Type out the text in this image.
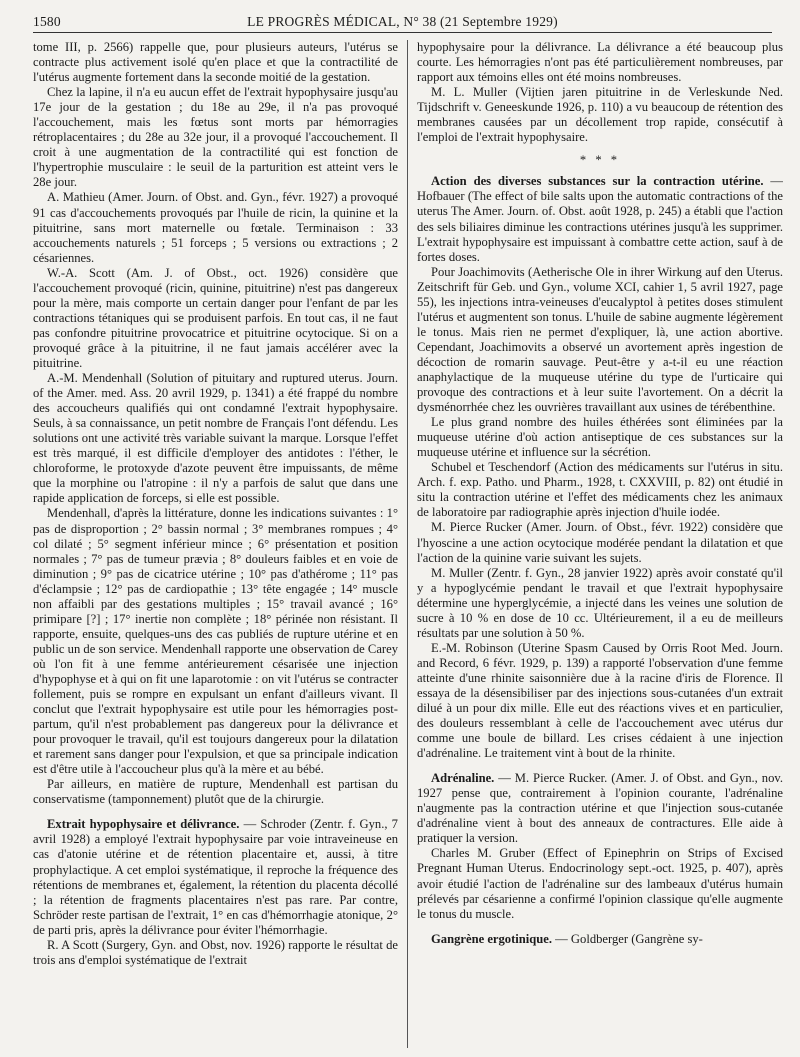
1580	LE PROGRÈS MÉDICAL, N° 38 (21 Septembre 1929)

tome III, p. 2566) rappelle que, pour plusieurs auteurs, l'utérus se contracte plus activement isolé qu'en place et que la contractilité de l'utérus augmente fortement dans la seconde moitié de la gestation.

Chez la lapine, il n'a eu aucun effet de l'extrait hypophysaire jusqu'au 17e jour de la gestation ; du 18e au 29e, il n'a pas provoqué l'accouchement, mais les fœtus sont morts par hémorragies rétroplacentaires ; du 28e au 32e jour, il a provoqué l'accouchement. Il croit à une augmentation de la contractilité qui est fonction de l'hypertrophie musculaire : le seuil de la parturition est atteint vers le 28e jour.

A. Mathieu (Amer. Journ. of Obst. and. Gyn., févr. 1927) a provoqué 91 cas d'accouchements provoqués par l'huile de ricin, la quinine et la pituitrine, sans mort maternelle ou fœtale. Terminaison : 33 accouchements naturels ; 51 forceps ; 5 versions ou extractions ; 2 césariennes.

W.-A. Scott (Am. J. of Obst., oct. 1926) considère que l'accouchement provoqué (ricin, quinine, pituitrine) n'est pas dangereux pour la mère, mais comporte un certain danger pour l'enfant de par les contractions tétaniques qui se produisent parfois. En tout cas, il ne faut pas confondre pituitrine provocatrice et pituitrine ocytocique. Si on a provoqué grâce à la pituitrine, il ne faut jamais accélérer avec la pituitrine.

A.-M. Mendenhall (Solution of pituitary and ruptured uterus. Journ. of the Amer. med. Ass. 20 avril 1929, p. 1341) a été frappé du nombre des accoucheurs qualifiés qui ont condamné l'extrait hypophysaire. Seuls, à sa connaissance, un petit nombre de Français l'ont défendu. Les solutions ont une activité très variable suivant la marque. Lorsque l'effet est très marqué, il est difficile d'employer des antidotes : l'éther, le chloroforme, le protoxyde d'azote peuvent être impuissants, de même que la morphine ou l'atropine : il n'y a parfois de salut que dans une rapide application de forceps, si elle est possible.

Mendenhall, d'après la littérature, donne les indications suivantes : 1° pas de disproportion ; 2° bassin normal ; 3° membranes rompues ; 4° col dilaté ; 5° segment inférieur mince ; 6° présentation et position normales ; 7° pas de tumeur prævia ; 8° douleurs faibles et en voie de diminution ; 9° pas de cicatrice utérine ; 10° pas d'athérome ; 11° pas d'éclampsie ; 12° pas de cardiopathie ; 13° tête engagée ; 14° muscle non affaibli par des gestations multiples ; 15° travail avancé ; 16° primipare [?] ; 17° inertie non complète ; 18° périnée non résistant. Il rapporte, ensuite, quelques-uns des cas publiés de rupture utérine et en public un de son service. Mendenhall rapporte une observation de Carey où l'on fit à une femme antérieurement césarisée une injection d'hypophyse et à qui on fit une laparotomie : on vit l'utérus se contracter follement, puis se rompre en expulsant un enfant d'ailleurs vivant. Il conclut que l'extrait hypophysaire est utile pour les hémorragies post-partum, qu'il n'est probablement pas dangereux pour la délivrance et pour provoquer le travail, qu'il est toujours dangereux pour la dilatation et rarement sans danger pour l'expulsion, et que sa principale indication est d'être utile à l'accoucheur plus qu'à la mère et au bébé.

Par ailleurs, en matière de rupture, Mendenhall est partisan du conservatisme (tamponnement) plutôt que de la chirurgie.

Extrait hypophysaire et délivrance. — Schroder (Zentr. f. Gyn., 7 avril 1928) a employé l'extrait hypophysaire par voie intraveineuse en cas d'atonie utérine et de rétention placentaire et, aussi, à titre prophylactique. A cet emploi systématique, il reproche la fréquence des rétentions de membranes et, également, la rétention du placenta décollé ; la rétention de fragments placentaires n'est pas rare. Par contre, Schröder reste partisan de l'extrait, 1° en cas d'hémorrhagie atonique, 2° de parti pris, après la délivrance pour éviter l'hémorrhagie.

R. A Scott (Surgery, Gyn. and Obst, nov. 1926) rapporte le résultat de trois ans d'emploi systématique de l'extrait

hypophysaire pour la délivrance. La délivrance a été beaucoup plus courte. Les hémorragies n'ont pas été particulièrement nombreuses, par rapport aux témoins elles ont été moins nombreuses.

M. L. Muller (Vijtien jaren pituitrine in de Verleskunde Ned. Tijdschrift v. Geneeskunde 1926, p. 110) a vu beaucoup de rétention des membranes causées par un décollement trop rapide, consécutif à l'emploi de l'extrait hypophysaire.

* * *

Action des diverses substances sur la contraction utérine. — Hofbauer (The effect of bile salts upon the automatic contractions of the uterus The Amer. Journ. of. Obst. août 1928, p. 245) a établi que l'action des sels biliaires diminue les contractions utérines jusqu'à les supprimer. L'extrait hypophysaire est impuissant à combattre cette action, sauf à de fortes doses.

Pour Joachimovits (Aetherische Ole in ihrer Wirkung auf den Uterus. Zeitschrift für Geb. und Gyn., volume XCI, cahier 1, 5 avril 1927, page 55), les injections intra-veineuses d'eucalyptol à petites doses stimulent l'utérus et augmentent son tonus. L'huile de sabine augmente légèrement le tonus. Mais rien ne permet d'expliquer, là, une action abortive. Cependant, Joachimovits a observé un avortement après ingestion de décoction de romarin sauvage. Peut-être y a-t-il eu une réaction anaphylactique de la muqueuse utérine du type de l'urticaire qui provoque des contractions et à leur suite l'avortement. On a décrit la dysménorrhée chez les ouvrières travaillant aux usines de térébenthine.

Le plus grand nombre des huiles éthérées sont éliminées par la muqueuse utérine d'où action antiseptique de ces substances sur la muqueuse utérine et influence sur la sécrétion.

Schubel et Teschendorf (Action des médicaments sur l'utérus in situ. Arch. f. exp. Patho. und Pharm., 1928, t. CXXVIII, p. 82) ont étudié in situ la contraction utérine et l'effet des médicaments chez les animaux de laboratoire par radiographie après injection d'huile iodée.

M. Pierce Rucker (Amer. Journ. of Obst., févr. 1922) considère que l'hyoscine a une action ocytocique modérée pendant la dilatation et que l'action de la quinine varie suivant les sujets.

M. Muller (Zentr. f. Gyn., 28 janvier 1922) après avoir constaté qu'il y a hypoglycémie pendant le travail et que l'extrait hypophysaire détermine une hyperglycémie, a injecté dans les veines une solution de sucre à 10 % en dose de 10 cc. Ultérieurement, il a eu de meilleurs résultats par une solution à 50 %.

E.-M. Robinson (Uterine Spasm Caused by Orris Root Med. Journ. and Record, 6 févr. 1929, p. 139) a rapporté l'observation d'une femme atteinte d'une rhinite saisonnière due à la racine d'iris de Florence. Il essaya de la désensibiliser par des injections sous-cutanées d'un extrait dilué à un pour dix mille. Elle eut des réactions vives et en particulier, des douleurs ressemblant à celle de l'accouchement avec utérus dur comme une boule de billard. Les crises cédaient à une injection d'adrénaline. Le traitement vint à bout de la rhinite.

Adrénaline. — M. Pierce Rucker. (Amer. J. of Obst. and Gyn., nov. 1927 pense que, contrairement à l'opinion courante, l'adrénaline n'augmente pas la contraction utérine et que l'injection sous-cutanée d'adrénaline vient à bout des anneaux de contractures. Elle aide à pratiquer la version.

Charles M. Gruber (Effect of Epinephrin on Strips of Excised Pregnant Human Uterus. Endocrinology sept.-oct. 1925, p. 407), après avoir étudié l'action de l'adrénaline sur des lambeaux d'utérus humain prélevés par césarienne a confirmé l'opinion classique qu'elle augmente le tonus du muscle.

Gangrène ergotinique. — Goldberger (Gangrène sy-
